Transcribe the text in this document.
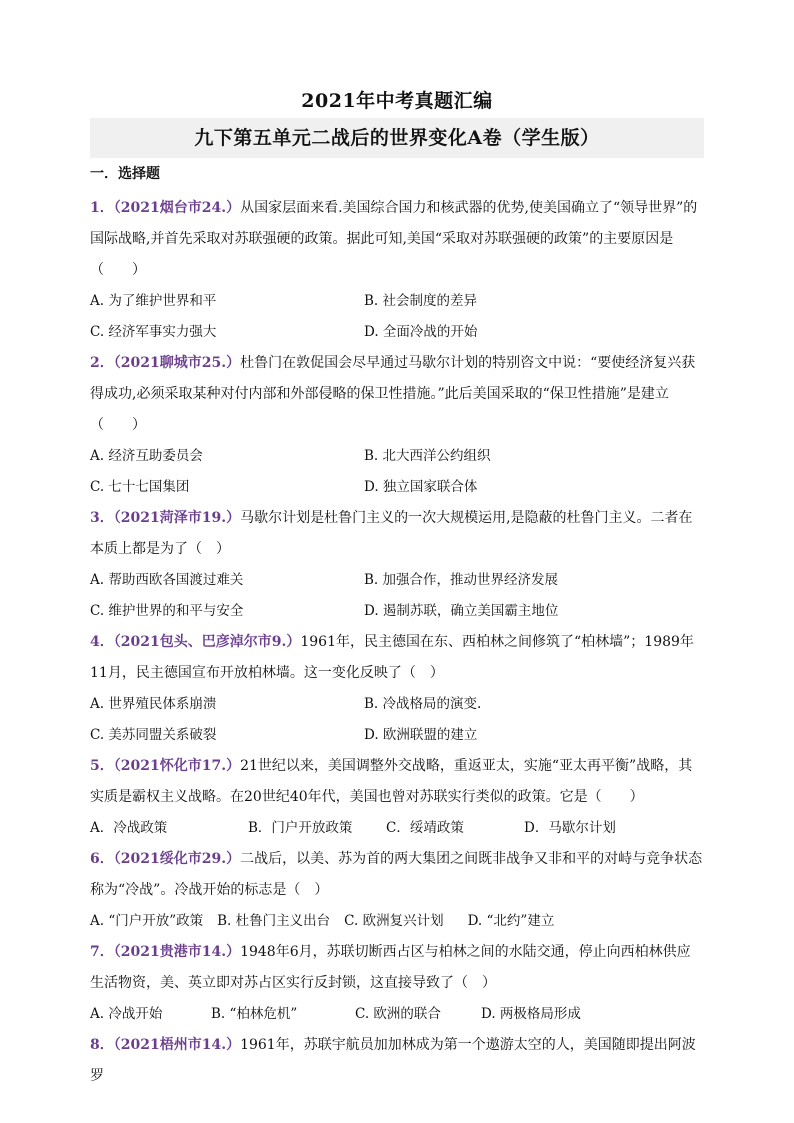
2021年中考真题汇编
九下第五单元二战后的世界变化A卷（学生版）
一．选择题
1．（2021烟台市24.）从国家层面来看.美国综合国力和核武器的优势,使美国确立了“领导世界”的国际战略,并首先采取对苏联强硬的政策。据此可知,美国“采取对苏联强硬的政策”的主要原因是（　　）
A. 为了维护世界和平	B. 社会制度的差异
C. 经济军事实力强大	D. 全面冷战的开始
2．（2021聊城市25.）杜鲁门在敦促国会尽早通过马歇尔计划的特别咨文中说：“要使经济复兴获得成功,必须采取某种对付内部和外部侵略的保卫性措施。”此后美国采取的“保卫性措施”是建立（　　）
A. 经济互助委员会	B. 北大西洋公约组织
C. 七十七国集团	D. 独立国家联合体
3．（2021菏泽市19.）马歇尔计划是杜鲁门主义的一次大规模运用,是隐蔽的杜鲁门主义。二者在本质上都是为了（　）
A. 帮助西欧各国渡过难关	B. 加强合作，推动世界经济发展
C. 维护世界的和平与安全	D. 遏制苏联，确立美国霸主地位
4．（2021包头、巴彦淖尔市9.）1961年，民主德国在东、西柏林之间修筑了“柏林墙”；1989年11月，民主德国宣布开放柏林墙。这一变化反映了（　）
A. 世界殖民体系崩溃	B. 冷战格局的演变.
C. 美苏同盟关系破裂	D. 欧洲联盟的建立
5．（2021怀化市17.）21世纪以来，美国调整外交战略，重返亚太，实施“亚太再平衡”战略，其实质是霸权主义战略。在20世纪40年代，美国也曾对苏联实行类似的政策。它是（　　）
A．冷战政策	B．门户开放政策	C．绥靖政策	D．马歇尔计划
6．（2021绥化市29.）二战后，以美、苏为首的两大集团之间既非战争又非和平的对峙与竞争状态称为“冷战”。冷战开始的标志是（　）
A. “门户开放”政策 B. 杜鲁门主义出台 C. 欧洲复兴计划 D. “北约”建立
7．（2021贵港市14.）1948年6月，苏联切断西占区与柏林之间的水陆交通，停止向西柏林供应生活物资，美、英立即对苏占区实行反封锁，这直接导致了（　）
A. 冷战开始	B. “柏林危机”	C. 欧洲的联合	D. 两极格局形成
8．（2021梧州市14.）1961年，苏联宇航员加加林成为第一个遨游太空的人，美国随即提出阿波罗
